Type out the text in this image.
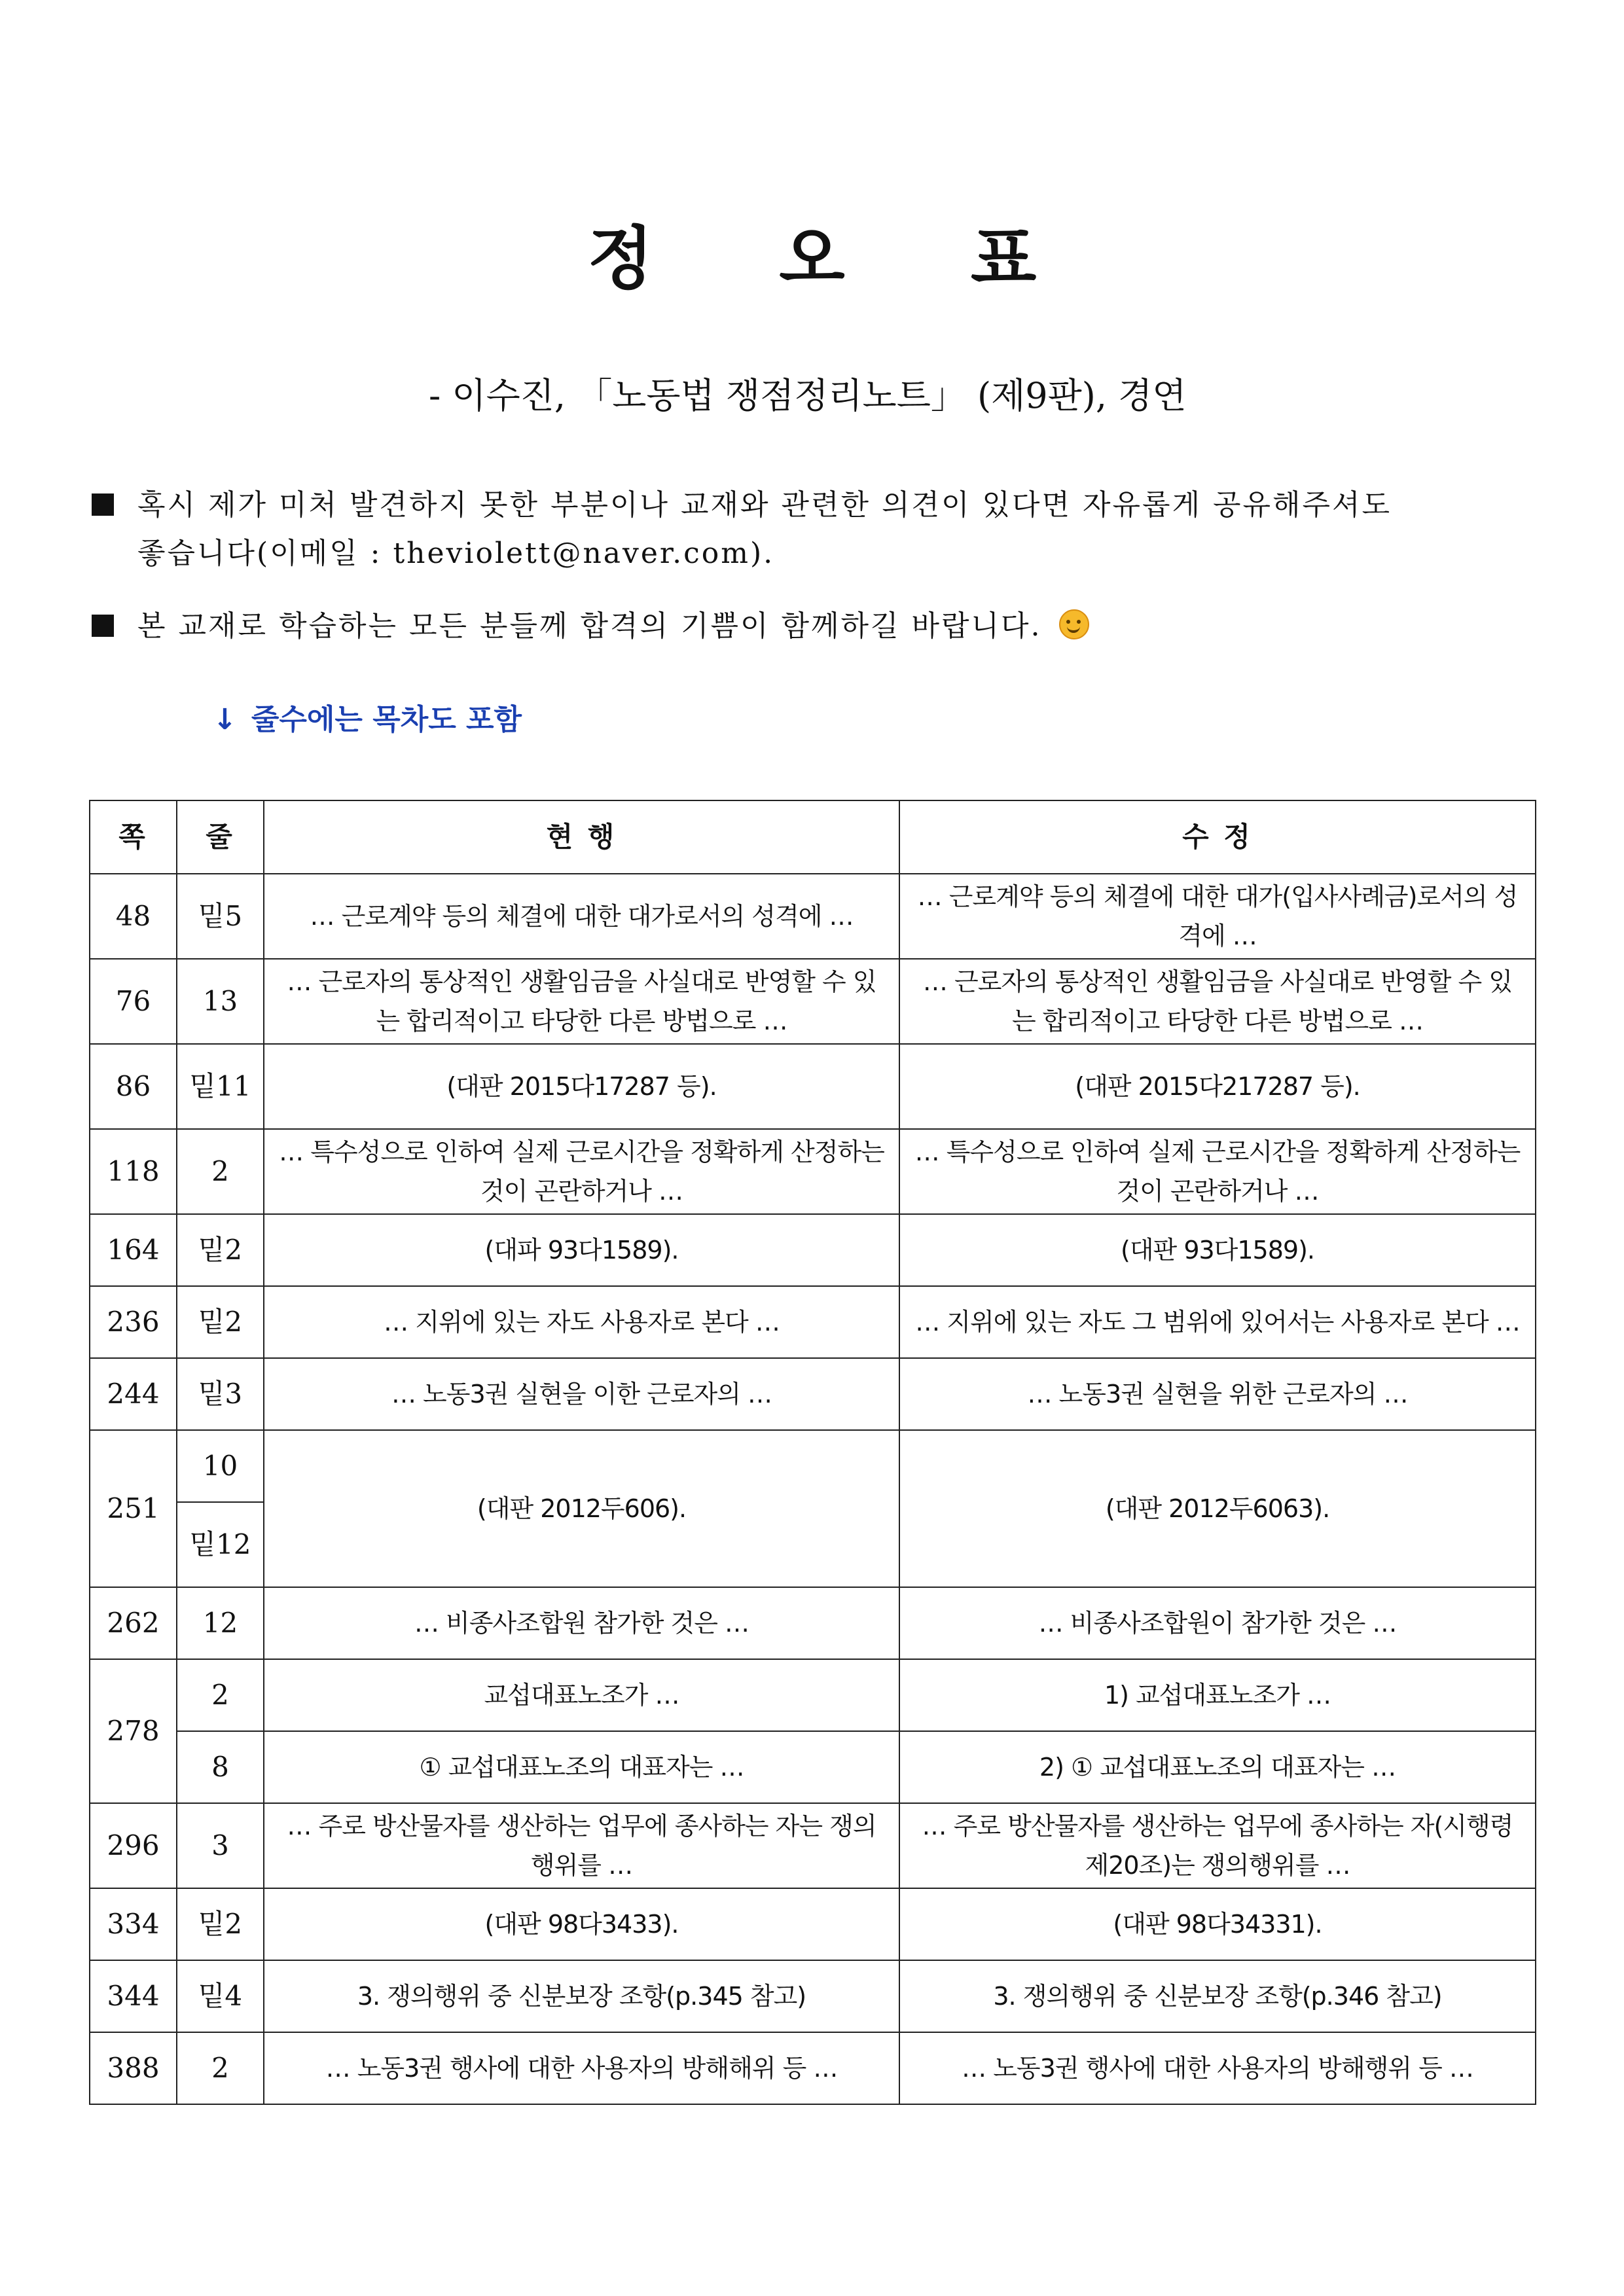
정 오 표
- 이수진, 「노동법 쟁점정리노트」 (제9판), 경연
혹시 제가 미처 발견하지 못한 부분이나 교재와 관련한 의견이 있다면 자유롭게 공유해주셔도
좋습니다(이메일 : theviolett@naver.com).
본 교재로 학습하는 모든 분들께 합격의 기쁨이 함께하길 바랍니다.
↓ 줄수에는 목차도 포함
쪽	줄	현 행	수 정
48	밑5	… 근로계약 등의 체결에 대한 대가로서의 성격에 …	… 근로계약 등의 체결에 대한 대가(입사사례금)로서의 성격에 …
76	13	… 근로자의 통상적인 생활임금을 사실대로 반영할 수 있는 합리적이고 타당한 다른 방법으로 …	… 근로자의 통상적인 생활임금을 사실대로 반영할 수 있는 합리적이고 타당한 다른 방법으로 …
86	밑11	(대판 2015다17287 등).	(대판 2015다217287 등).
118	2	… 특수성으로 인하여 실제 근로시간을 정확하게 산정하는 것이 곤란하거나 …	… 특수성으로 인하여 실제 근로시간을 정확하게 산정하는 것이 곤란하거나 …
164	밑2	(대파 93다1589).	(대판 93다1589).
236	밑2	… 지위에 있는 자도 사용자로 본다 …	… 지위에 있는 자도 그 범위에 있어서는 사용자로 본다 …
244	밑3	… 노동3권 실현을 이한 근로자의 …	… 노동3권 실현을 위한 근로자의 …
251	10	(대판 2012두606).	(대판 2012두6063).
	밑12		
262	12	… 비종사조합원 참가한 것은 …	… 비종사조합원이 참가한 것은 …
278	2	교섭대표노조가 …	1) 교섭대표노조가 …
	8	① 교섭대표노조의 대표자는 …	2) ① 교섭대표노조의 대표자는 …
296	3	… 주로 방산물자를 생산하는 업무에 종사하는 자는 쟁의행위를 …	… 주로 방산물자를 생산하는 업무에 종사하는 자(시행령 제20조)는 쟁의행위를 …
334	밑2	(대판 98다3433).	(대판 98다34331).
344	밑4	3. 쟁의행위 중 신분보장 조항(p.345 참고)	3. 쟁의행위 중 신분보장 조항(p.346 참고)
388	2	… 노동3권 행사에 대한 사용자의 방해해위 등 …	… 노동3권 행사에 대한 사용자의 방해행위 등 …
